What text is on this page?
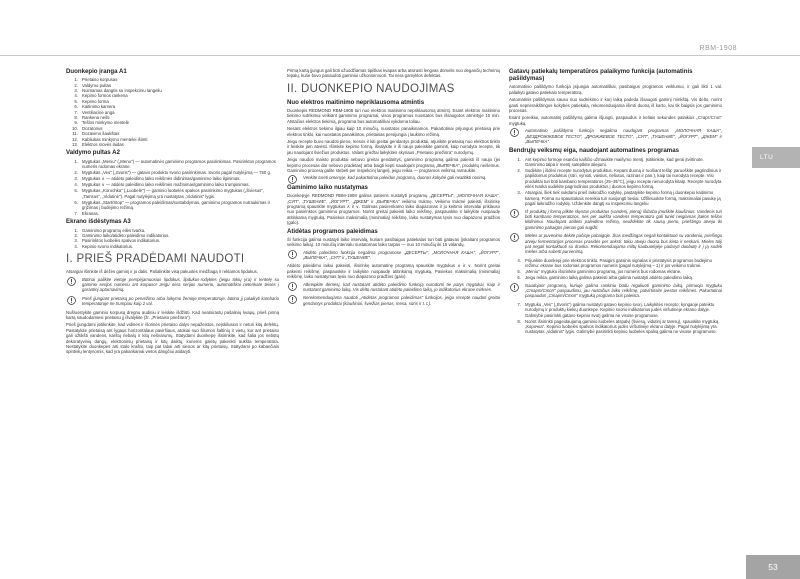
RBM-1908
LTU
53
Duonkepio įranga A1
1. Prietaiso korpusas
2. Valdymo pultas
3. Nuimamas dangtis su inspekciniu langeliu
4. Kepimo formos rankena
5. Kepimo forma
6. Kaitinimo kamera
7. Ventiliacinė anga
8. Rankena nešti
9. Tešlos minkymo mentelė
10. Dozatorius
11. Dozavimo šaukštas
12. Kabliukas minkymo mentelei išimti
13. Elektros srovės laidas
Valdymo pultas A2
1. Mygtukas „Meniu" („Menu") — automatinės gaminimo programos pasirinkimas. Pasirinktos programos numeris rodomas ekrane.
2. Mygtukas „Ves" („Svoris") — gatavo produkto svorio pasirinkimas. Svoris pagal nutylėjimą — 750 g.
3. Mygtukas ∧ — atidėto paleidimo laiko reikšmės didinimas/gaminimo laiko ilginimas.
4. Mygtukas ∨ — atidėto paleidimo laiko reikšmės mažinimas/gaminimo laiko trumpinimas.
5. Mygtukas „Korochka" („Luobelė") — gaminio luobelės spalvos pasirinkimo mygtukas („Šviesus", „Tamsus", „Vidutinė"). Pagal nutylėjimą yra nustatytas „Vidutinis" lygis.
6. Mygtukas „Start/Stop" — programos paleidimas/sustabdymas, gaminimo programos nutraukimas ir grįžimas į budėjimo režimą.
7. Ekranas.
Ekrano išdėstymas A3
1. Gaminimo programų eilės tvarka.
2. Gaminimo laiko/atidėto paleidimo indikatorius.
3. Pasirinktos luobelės spalvos indikatorius.
4. Kepinio svorio indikatorius.
I. PRIEŠ PRADĖDAMI NAUDOTI

Atsargiai išimkite iš dėžės gaminį ir jo dalis. Pašalinkite visą pakuotės medžiagą ir reklamos lipdukus.

Būtinai palikite vietoje perspėjamuosius lipdukus, lipdukus-rodykles (jeigu tokių yra) ir lentelę su gaminio serijos numeriu ant korpuso! Jeigu nėra serijos numerio, automatiškai netenkate teisės į garantinį aptarnavimą.
Prieš įjungiant prietaisą po pervežimo arba laikymo žemoje temperatūroje, būtina jį palaikyti kambario temperatūroje ne trumpiau kaip 2 val.

Nušluostykite gaminio korpusą drėgnu audiniu ir leiskite išdžiūti. Kad neatsirastų pašalinių kvapų, prieš pirmą kartą naudodamiesi prietaisu jį išvalykite (žr. „Prietaiso priežiūra").

Prieš įjungdami įsitikinkite, kad vidinės ir išorinės prietaiso dalys nepažeistos, neįskilusios ir neturi kitų defektų. Pastatykite prietaisą ant lygaus horizontalaus paviršiaus, atokiai nuo šilumos šaltinių ir vietų, kur ant prietaiso gali užtikšti vandens, karštų riebalų ir kitų nešvarumų. Statydami duonkepę išsirinkite, kad šalia jos nebūtų dekoratyvinių dangų, elektroninių prietaisų ir kitų daiktų, kuriems galėtų pakenkti aukšta temperatūra. Nestatykite duonkepės arti stalo krašto, taip pat labai arti sienos ar kitų prietaisų. Statydami po kabančiais spintelių lentynomis, kad yra pakankamai vietos dangčiui atidaryti.

Pirmą kartą įjungus gali būti užuodžiamas tipiškas kvapas arba atsirasti lengvas dūmelis nuo degančių techninių tepalų, kurie buvo panaudoti gaminiui užkonservuoti. Tai nėra gamyklos defektas.

II. DUONKEPIO NAUDOJIMAS
Nuo elektros maitinimo nepriklausoma atmintis

Duonkepis REDMOND RBM-1908 turi nuo elektros maitinimo nepriklausomą atmintį. Esant elektros maitinimo tiekimo sutrikimui veikiant gaminimo programai, visos programos nuostatos bus išsaugotos atmintyje 10 min. Atstačius elektros tiekimą, programa bus automatiškai vykdoma toliau.

Nesant elektros tiekimo ilgiau kaip 10 minučių, nuostatos panaikinamos. Pakartotinai prijungus prietaisą prie elektros tinklo, kai nuostatos panaikintos, prietaisas persijungia į laukimo režimą.

Jeigu recepte buvo naudoti pieno, mėsos ir kiti greitai gendantys produktai, atjunkite prietaisą nuo elektros tinklo ir leiskite jam atvėsti. Išimkite kepimo formą, išvalykite ir iš naujo paleiskite gaminti, kaip nurodyta recepte, tik jau naudojant šviežius produktus. Valant griežtai laikykitės skyriaus „Prietaiso priežiūra" nurodymų.

Jeigu naudoti maisto produktai nebuvo greitai gendantys, gaminimo programą galima paleisti iš naujo (jei kepimo procesas dar nebuvo pradėtas) arba baigti kepti naudojant programą „ВЫПЕЧКА", produktų neišėmus. Gaminimo procesą galite stebėti per inspekcinį langelį, jeigu reikia — programos veikimą nutraukite.

Venkite turėti omenyje, kad pakartotinai paleidus programą, duonos kokybė gali neatitikti norimą.
Gaminimo laiko nustatymas

Duonkepyje REDMOND RBM-1908 galima patiems nustatyti programų „ДЕСЕРТЫ", „МОЛОЧНАЯ КАША", „СУП", „ТУШЕНИЕ", „ЙОГУРТ", „ДЖЕМ" ir „ВЫПЕЧКА" veikimo trukmę. Veikimo trukmė paleisti, išsirinkę programą spauskite mygtukus ∧ ir ∨. Galimas pasirenkamo laiko diapazonas ir jo keitimo intervalai priklauso nuo pasirinktos gaminimo programos. Norint greitai pakeisti laiko reikšmę, paspauskite ir laikykite nuspaudę atitinkamą mygtuką. Pasiekus maksimalią (minimalią) reikšmę, laiko nustatymas tęsis nuo diapazono pradžios (galo).

Atidėtas programos paleidimas

Ši funkcija galima nustatyti laiko intervalą, kuriam pasibaigus patiekalas turi būti gatavas (įskaitant programos veikimo laiką). 10 minučių intervalu nustatomas laiko tarpas — nuo 10 minučių iki 15 valandų.

Atidėto paleidimo funkcija negalima programose „ДЕСЕРТЫ", „МОЛОЧНАЯ КАША", „ЙОГУРТ", „ВЫПЕЧКА", „СУП" ir „ТУШЕНИЕ".

Atidėto paleidimo laikui pakeisti, išsirinkę automatinę programą spauskite mygtukus ∧ ir ∨. Norint greitai pakeisti reikšmę, paspauskite ir laikykite nuspaudę atitinkamą mygtuką. Pasiekus maksimalią (minimalią) reikšmę, laiko nustatymas tęsis nuo diapazono pradžios (galo).

Atkreipkite dėmesį, kad nustatant atidėto paleidimo funkciją nurodomi tie patys mygtukai, kaip ir nustatant gaminimo laiką. Vis dėlto nustatant atidėto paleidimo laiką, jo indikatorius ekrane mirksės.
Nerekomenduojama naudoti „Atidėtas programos paleidimas" funkcijos, jeigu recepte naudoti greitai gendantys produktai (kiaušiniai, šviežias pienas, mėsa, sūris ir t. t.).
Gatavų patiekalų temperatūros palaikymo funkcija (automatinis pašildymas)

Automatinio pašildymo funkcija įsijungia automatiškai, pasibaigus programos veiklumui, ir gali likti 1 val. palaikyti gatavo patiekalo temperatūrą.

Automatinis pašildymas sausu nuo sudrėkimo ir kurį laiką padeda išsaugoti gaminį minkštą. Vis dėlto, norint gauti neprieraikštingos kokybės patiekalą, rekomenduojama išimti duoną iš karto, kai tik baigsis jos gaminimo procesas.

Esant poreikiui, automatinį pašildymą galima išjungti, paspaudus ir keliais sekundes palaikius „Старт/Стоп" mygtuką.

Automatinio pašildymo funkcija negalima naudojant programas „МОЛОЧНАЯ КАША", „БЕЗДРОЖЖЕВОЕ ТЕСТО", „ДРОЖЖЕВОЕ ТЕСТО", „СУП", „ТУШЕНИЕ", „ЙОГУРТ", „ДЖЕМ" ir „ВЫПЕЧКА".
Bendrųjų veiksmų eiga, naudojant automatines programas
1. Ant kepimo formoje esančio kaiščio užmaukite maišymo mentį. Įsitikinkite, kad gerai įtvirtinote. Gaminimo talpa ir mentį suteptkite aliejumi.
2. Sudėkite į išdėvi recepte nurodytus produktus. Kepant duoną ir ruošiant tešlą: paruoškite pagrindinius ir papildomus produktus (sūri, vynioti, vaisius, riešutus, razinas ir pan.), kaip tai nurodyta recepte. Visi produktai turi būti kambario temperatūros (25–35°C), jeigu recepte nenurodyta kitaip. Recepte nurodyta eilės tvarka sudėkite pagrindinius produktus į duonos kepimo formą.
3. Atsargiai, šiek tiek sukdami prieš laikrodžio rodyklę, pastatykite kepimo formą į duonkepio kaitinimo kamerą. Forma su spaustukais nereikia turi susijungti tiesiai. Užfiksuokite formą, maksimaliai pasukę ją pagal laikrodžio rodyklę. Uždenkite dangtį su inspekciniu langeliu
Iš produktų į formą pilkite skystus produktus (vandenį, pieną) išdarba įmuškite kiaušinius. Vandenis turi būti kambario temperatūros, nes per aukšta vandens temperatūra gali turėti neigiamas įtakos tešlos kildinimui. Naudojant atidėto paleidimo režimą, neuždėkite tik sausų pieno, prieštingu atveju iki gaminimo pabaigos pienas gali sugižti.
Mieles ar puvenimo dėkite pačioje pabaigoje. Šias medžiagas negali kontaktuoti su vandeniu, priešingu atveju fermentacijos procesas prasidės per anksti: tokiu atveju duona bus kieta ir neskani. Mieles tolji pat negali kontaktuoti su druska. Rekomenduojama miltų kaubuotėjėje padaryti duobutę ir į ją sudėti mieles arba suberti purvenimą.
4. Prijunkite duonkepį prie elektros tinklo. Pasigirs garsinis signalas ir pristatysis programos budėjimo režimu: ekrane bus rodomas programos numeris (pagal nutylėjimą – 1) ir jos veikimo trukmė.
5. „Meniu" mygtuku išsirinkite gaminimo programą, jos numeris bus rodomas ekrane.
6. Jeigu reikia, gaminimo laiką galima pakeisti arba galima nustatyti atidėto paleidimo laiką.
Naudojant programą, kuriuje galima rankiniu būdu reguliuoti gaminimo laiką, pirmuoju mygtuku „Старт/Стоп" paspaudimu, jau nustačius laiko reikšmę, patvirtinsite įvestas reikšmes. Pakartotinai paspaudus „Старт/Стоп" mygtuką programa bus paleista.
7. Mygtuku „Ves" („Svoris") galima nustatyti gatavo kepinio svorį. Laikykitės recepto; kyngaoje pateiktu nurodymų ir produktų kiekių duonkepe. Kepinio svorio indikatorius judės viršutinėje ekrano dalyje. Galimybė pasirinkti gatavo kepinio svorį galima ne visose programose.
8. Norint išsirinkti pageidaujamą gaminio luobelės atspalvį (šviesų, vidutinį ar tamsų), spauskite mygtuką „Корочка". Kepinio luobelės spalvos indikatorius judės viršutinėje ekrano dalyje. Pagal nutylėjimą yra nustatytas „vidutinis" lygis. Galimybė pasirinkti kepinio luobelės spalvą galima ne visose programose.
